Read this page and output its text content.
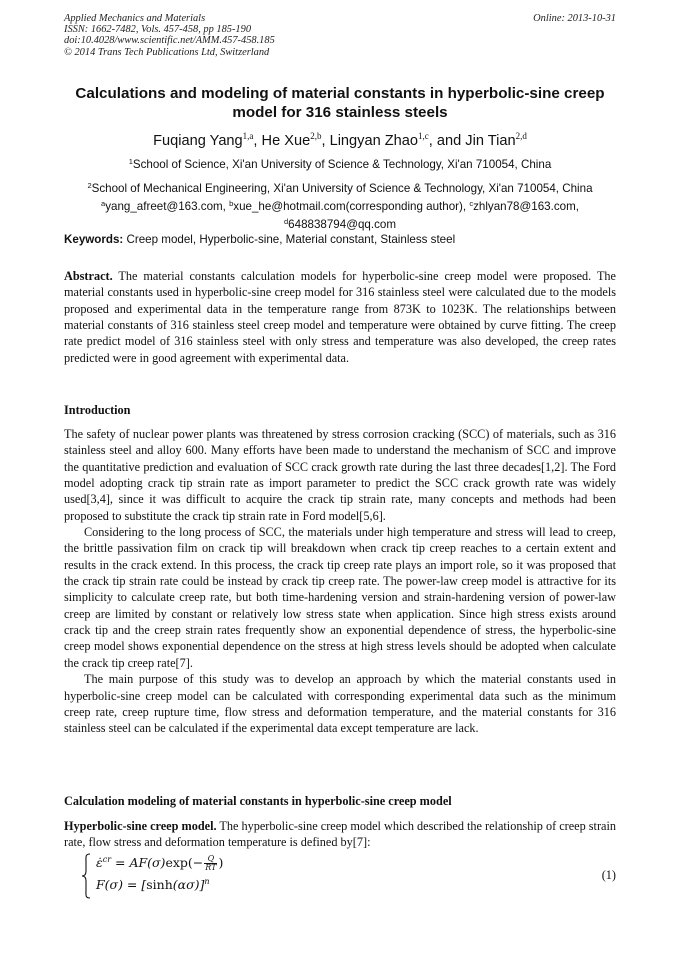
Applied Mechanics and Materials
ISSN: 1662-7482, Vols. 457-458, pp 185-190
doi:10.4028/www.scientific.net/AMM.457-458.185
© 2014 Trans Tech Publications Ltd, Switzerland
Online: 2013-10-31
Calculations and modeling of material constants in hyperbolic-sine creep model for 316 stainless steels
Fuqiang Yang$^{1,a}$, He Xue$^{2,b}$, Lingyan Zhao$^{1,c}$, and Jin Tian$^{2,d}$
$^1$School of Science, Xi'an University of Science & Technology, Xi'an 710054, China
$^2$School of Mechanical Engineering, Xi'an University of Science & Technology, Xi'an 710054, China
$^a$yang_afreet@163.com, $^b$xue_he@hotmail.com(corresponding author), $^c$zhlyan78@163.com,
$^d$648838794@qq.com
Keywords: Creep model, Hyperbolic-sine, Material constant, Stainless steel

Abstract. The material constants calculation models for hyperbolic-sine creep model were proposed. The material constants used in hyperbolic-sine creep model for 316 stainless steel were calculated due to the models proposed and experimental data in the temperature range from 873K to 1023K. The relationships between material constants of 316 stainless steel creep model and temperature were obtained by curve fitting. The creep rate predict model of 316 stainless steel with only stress and temperature was also developed, the creep rates predicted were in good agreement with experimental data.

Introduction

The safety of nuclear power plants was threatened by stress corrosion cracking (SCC) of materials, such as 316 stainless steel and alloy 600. Many efforts have been made to understand the mechanism of SCC and improve the quantitative prediction and evaluation of SCC crack growth rate during the last three decades[1,2]. The Ford model adopting crack tip strain rate as import parameter to predict the SCC crack growth rate was widely used[3,4], since it was difficult to acquire the crack tip strain rate, many concepts and methods had been proposed to substitute the crack tip strain rate in Ford model[5,6].

Considering to the long process of SCC, the materials under high temperature and stress will lead to creep, the brittle passivation film on crack tip will breakdown when crack tip creep reaches to a certain extent and results in the crack extend. In this process, the crack tip creep rate plays an import role, so it was proposed that the crack tip strain rate could be instead by crack tip creep rate. The power-law creep model is attractive for its simplicity to calculate creep rate, but both time-hardening version and strain-hardening version of power-law creep are limited by constant or relatively low stress state when application. Since high stress exists around crack tip and the creep strain rates frequently show an exponential dependence of stress, the hyperbolic-sine creep model shows exponential dependence on the stress at high stress levels should be adopted when calculate the crack tip creep rate[7].

The main purpose of this study was to develop an approach by which the material constants used in hyperbolic-sine creep model can be calculated with corresponding experimental data such as the minimum creep rate, creep rupture time, flow stress and deformation temperature, and the material constants for 316 stainless steel can be calculated if the experimental data except temperature are lack.

Calculation modeling of material constants in hyperbolic-sine creep model

Hyperbolic-sine creep model. The hyperbolic-sine creep model which described the relationship of creep strain rate, flow stress and deformation temperature is defined by[7]:

ε̇$^{cr}$ = $AF(\sigma)\exp(- \frac{Q}{RT}$ )
$F(\sigma) = [\sinh(\alpha\sigma)]^n$	(1)
